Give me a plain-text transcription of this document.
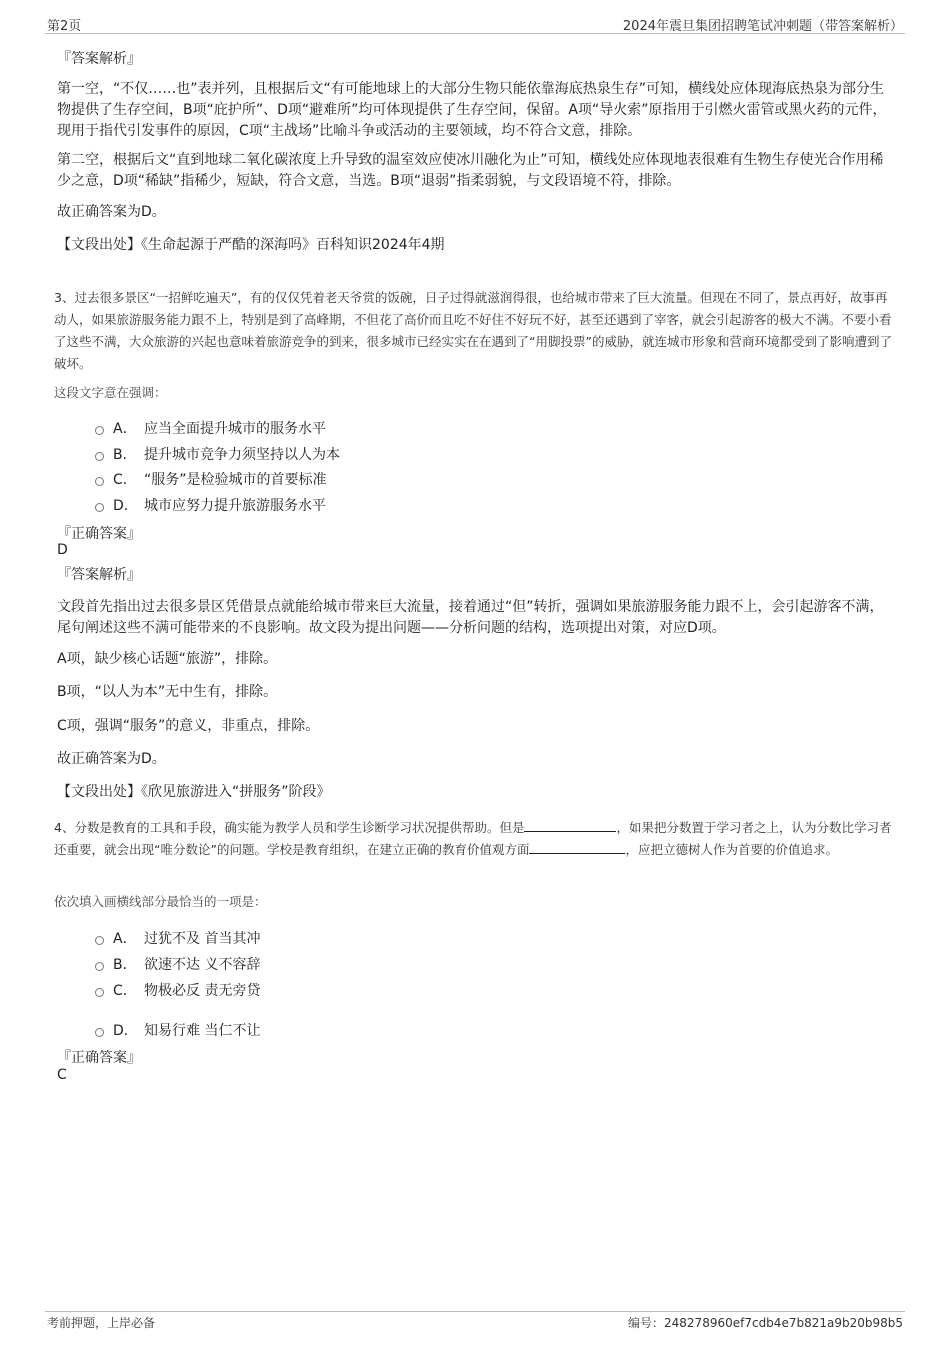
第2页	2024年震旦集团招聘笔试冲刺题（带答案解析）
『答案解析』
第一空，“不仅……也”表并列，且根据后文“有可能地球上的大部分生物只能依靠海底热泉生存”可知，横线处应体现海底热泉为部分生物提供了生存空间，B项“庇护所”、D项“避难所”均可体现提供了生存空间，保留。A项“导火索”原指用于引燃火雷管或黑火药的元件，现用于指代引发事件的原因，C项“主战场”比喻斗争或活动的主要领域，均不符合文意，排除。
第二空，根据后文“直到地球二氧化碳浓度上升导致的温室效应使冰川融化为止”可知，横线处应体现地表很难有生物生存使光合作用稀少之意，D项“稀缺”指稀少，短缺，符合文意，当选。B项“退弱”指柔弱貌，与文段语境不符，排除。
故正确答案为D。
【文段出处】《生命起源于严酷的深海吗》百科知识2024年4期
3、过去很多景区“一招鲜吃遍天”，有的仅仅凭着老天爷赏的饭碗，日子过得就滋润得很，也给城市带来了巨大流量。但现在不同了，景点再好，故事再动人，如果旅游服务能力跟不上，特别是到了高峰期，不但花了高价而且吃不好住不好玩不好，甚至还遇到了宰客，就会引起游客的极大不满。不要小看了这些不满，大众旅游的兴起也意味着旅游竞争的到来，很多城市已经实实在在遇到了“用脚投票”的威胁，就连城市形象和营商环境都受到了影响遭到了破坏。
这段文字意在强调：
A． 应当全面提升城市的服务水平
B． 提升城市竞争力须坚持以人为本
C． “服务”是检验城市的首要标准
D． 城市应努力提升旅游服务水平
『正确答案』
D
『答案解析』
文段首先指出过去很多景区凭借景点就能给城市带来巨大流量，接着通过“但”转折，强调如果旅游服务能力跟不上，会引起游客不满，尾句阐述这些不满可能带来的不良影响。故文段为提出问题——分析问题的结构，选项提出对策，对应D项。
A项，缺少核心话题“旅游”，排除。
B项，“以人为本”无中生有，排除。
C项，强调“服务”的意义，非重点，排除。
故正确答案为D。
【文段出处】《欣见旅游进入“拼服务”阶段》
4、分数是教育的工具和手段，确实能为教学人员和学生诊断学习状况提供帮助。但是	，如果把分数置于学习者之上，认为分数比学习者还重要，就会出现“唯分数论”的问题。学校是教育组织，在建立正确的教育价值观方面	，应把立德树人作为首要的价值追求。
依次填入画横线部分最恰当的一项是：
A． 过犹不及 首当其冲
B． 欲速不达 义不容辞
C． 物极必反 责无旁贷
D． 知易行难 当仁不让
『正确答案』
C
考前押题，上岸必备	编号：248278960ef7cdb4e7b821a9b20b98b5
